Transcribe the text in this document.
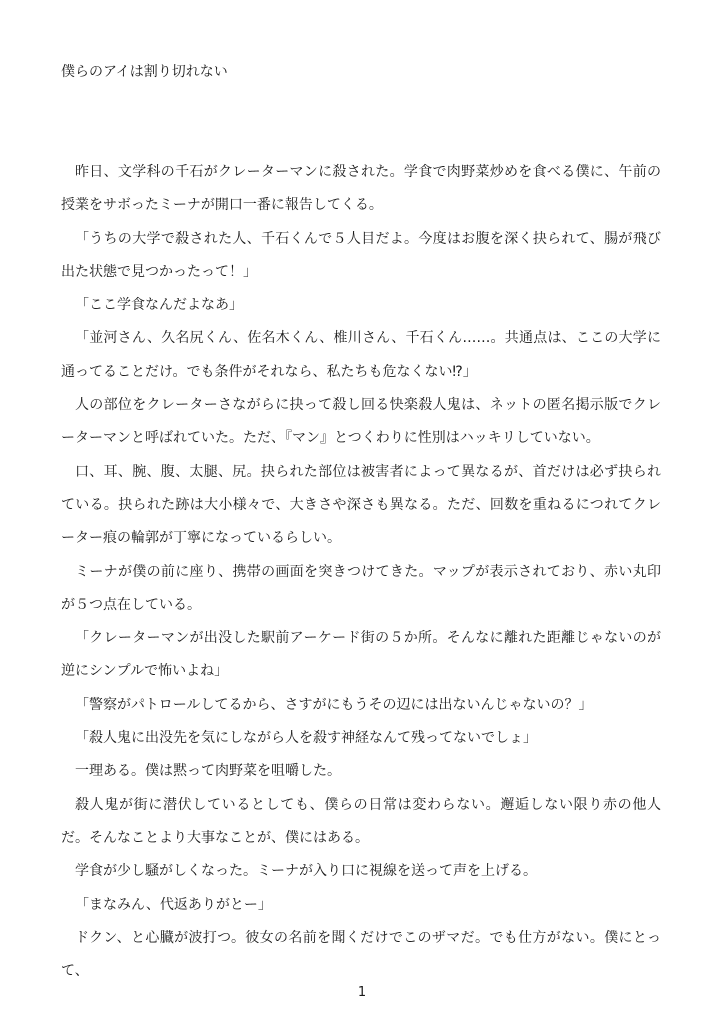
僕らのアイは割り切れない

昨日、文学科の千石がクレーターマンに殺された。学食で肉野菜炒めを食べる僕に、午前の授業をサボったミーナが開口一番に報告してくる。

「うちの大学で殺された人、千石くんで５人目だよ。今度はお腹を深く抉られて、腸が飛び出た状態で見つかったって！」

「ここ学食なんだよなあ」

「並河さん、久名尻くん、佐名木くん、椎川さん、千石くん……。共通点は、ここの大学に通ってることだけ。でも条件がそれなら、私たちも危なくない⁉︎」

人の部位をクレーターさながらに抉って殺し回る快楽殺人鬼は、ネットの匿名掲示版でクレーターマンと呼ばれていた。ただ、『マン』とつくわりに性別はハッキリしていない。

口、耳、腕、腹、太腿、尻。抉られた部位は被害者によって異なるが、首だけは必ず抉られている。抉られた跡は大小様々で、大きさや深さも異なる。ただ、回数を重ねるにつれてクレーター痕の輪郭が丁寧になっているらしい。

ミーナが僕の前に座り、携帯の画面を突きつけてきた。マップが表示されており、赤い丸印が５つ点在している。

「クレーターマンが出没した駅前アーケード街の５か所。そんなに離れた距離じゃないのが逆にシンプルで怖いよね」

「警察がパトロールしてるから、さすがにもうその辺には出ないんじゃないの？」

「殺人鬼に出没先を気にしながら人を殺す神経なんて残ってないでしょ」

一理ある。僕は黙って肉野菜を咀嚼した。

殺人鬼が街に潜伏しているとしても、僕らの日常は変わらない。邂逅しない限り赤の他人だ。そんなことより大事なことが、僕にはある。

学食が少し騒がしくなった。ミーナが入り口に視線を送って声を上げる。

「まなみん、代返ありがとー」

ドクン、と心臓が波打つ。彼女の名前を聞くだけでこのザマだ。でも仕方がない。僕にとって、

1
